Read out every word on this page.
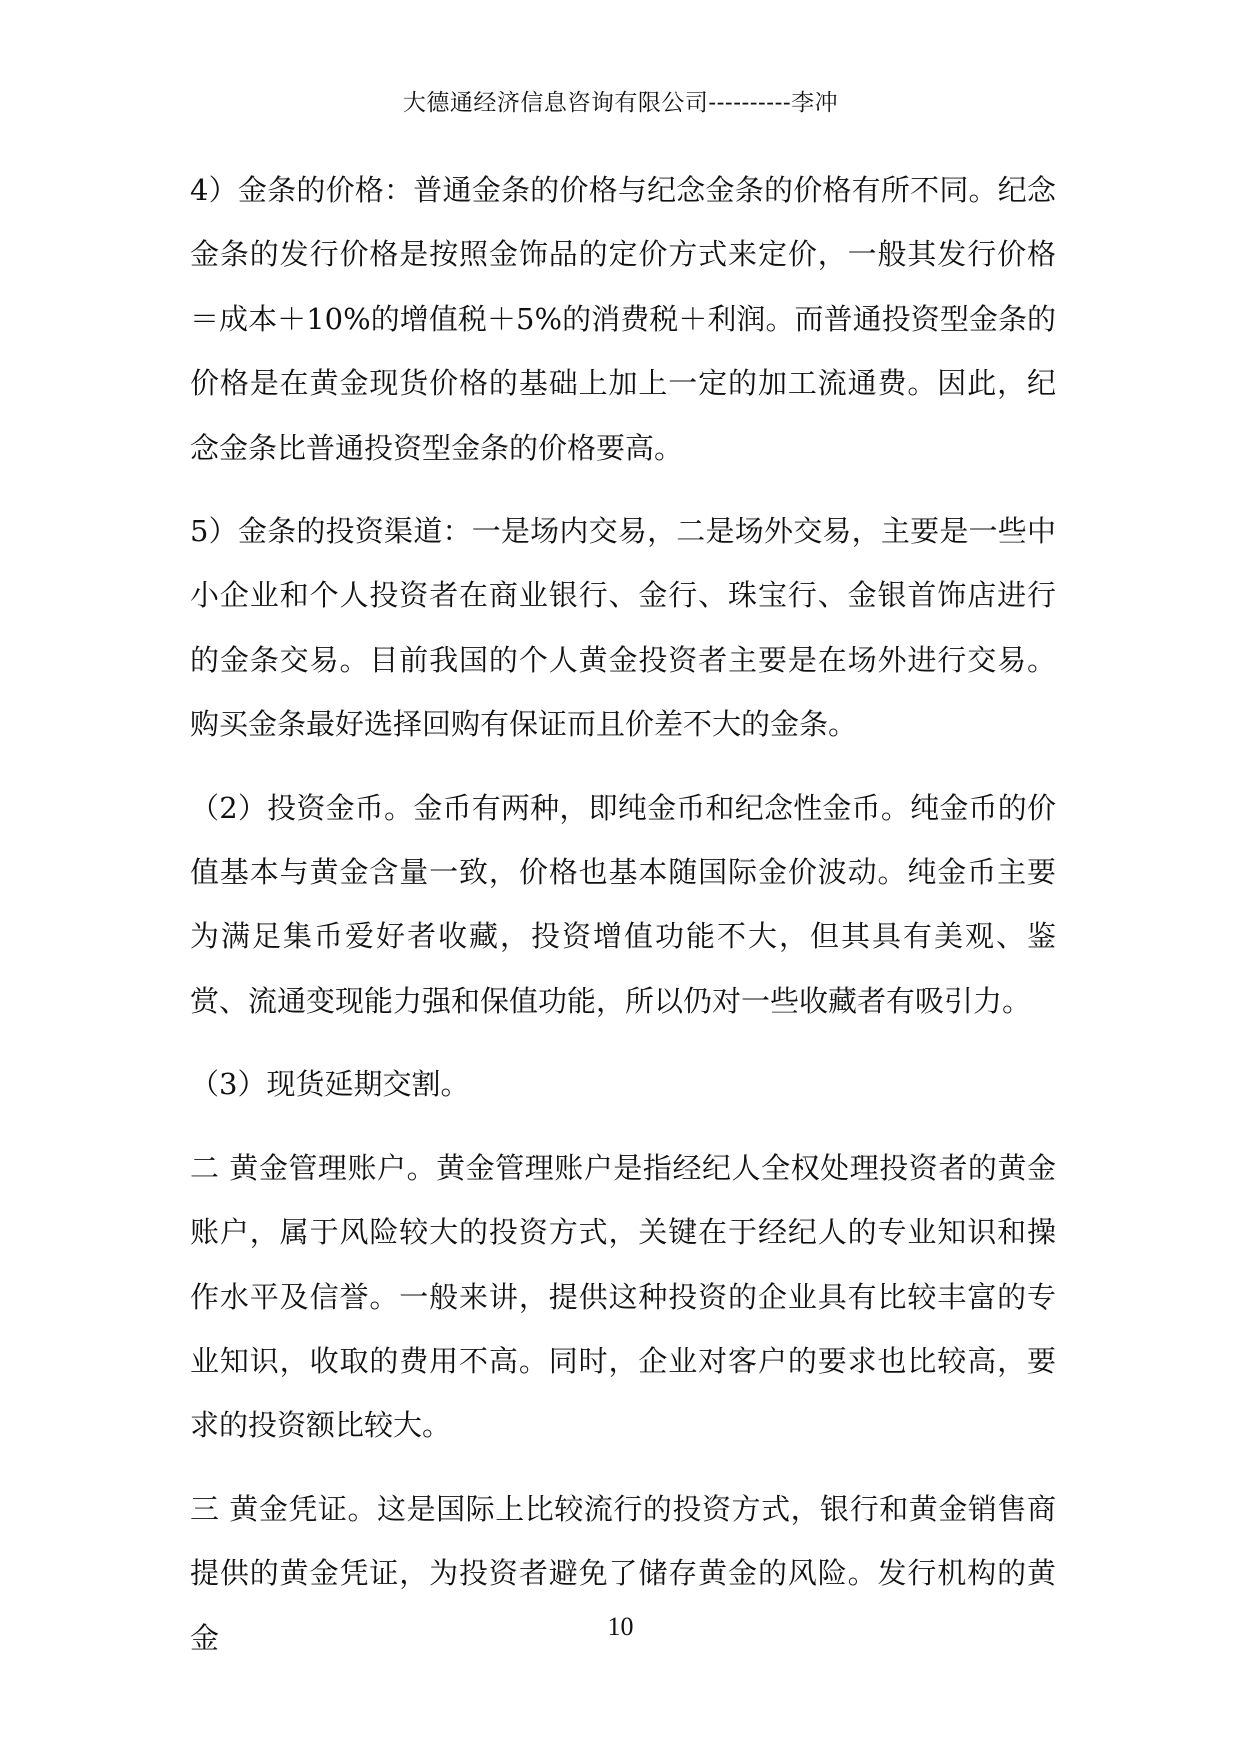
大德通经济信息咨询有限公司----------李冲

4）金条的价格：普通金条的价格与纪念金条的价格有所不同。纪念金条的发行价格是按照金饰品的定价方式来定价，一般其发行价格＝成本＋10%的增值税＋5%的消费税＋利润。而普通投资型金条的价格是在黄金现货价格的基础上加上一定的加工流通费。因此，纪念金条比普通投资型金条的价格要高。

5）金条的投资渠道：一是场内交易，二是场外交易，主要是一些中小企业和个人投资者在商业银行、金行、珠宝行、金银首饰店进行的金条交易。目前我国的个人黄金投资者主要是在场外进行交易。购买金条最好选择回购有保证而且价差不大的金条。

（2）投资金币。金币有两种，即纯金币和纪念性金币。纯金币的价值基本与黄金含量一致，价格也基本随国际金价波动。纯金币主要为满足集币爱好者收藏，投资增值功能不大，但其具有美观、鉴赏、流通变现能力强和保值功能，所以仍对一些收藏者有吸引力。

（3）现货延期交割。

二 黄金管理账户。黄金管理账户是指经纪人全权处理投资者的黄金账户，属于风险较大的投资方式，关键在于经纪人的专业知识和操作水平及信誉。一般来讲，提供这种投资的企业具有比较丰富的专业知识，收取的费用不高。同时，企业对客户的要求也比较高，要求的投资额比较大。

三 黄金凭证。这是国际上比较流行的投资方式，银行和黄金销售商提供的黄金凭证，为投资者避免了储存黄金的风险。发行机构的黄金	10
